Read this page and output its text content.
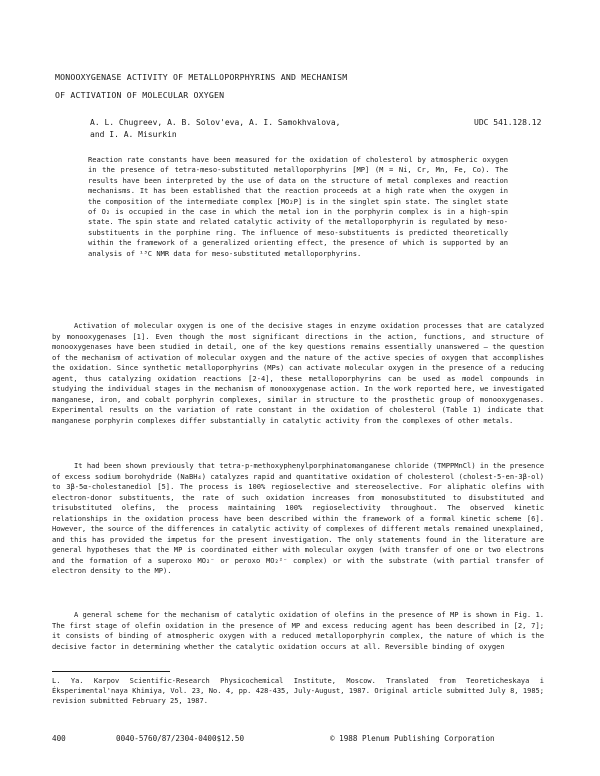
MONOOXYGENASE ACTIVITY OF METALLOPORPHYRINS AND MECHANISM
OF ACTIVATION OF MOLECULAR OXYGEN
A. L. Chugreev, A. B. Solov'eva, A. I. Samokhvalova,
and I. A. Misurkin
UDC 541.128.12

Reaction rate constants have been measured for the oxidation of cholesterol by atmospheric oxygen in the presence of tetra-meso-substituted metalloporphyrins [MP] (M = Ni, Cr, Mn, Fe, Co). The results have been interpreted by the use of data on the structure of metal complexes and reaction mechanisms. It has been established that the reaction proceeds at a high rate when the oxygen in the composition of the intermediate complex [MO₂P] is in the singlet spin state. The singlet state of O₂ is occupied in the case in which the metal ion in the porphyrin complex is in a high-spin state. The spin state and related catalytic activity of the metalloporphyrin is regulated by meso-substituents in the porphine ring. The influence of meso-substituents is predicted theoretically within the framework of a generalized orienting effect, the presence of which is supported by an analysis of ¹³C NMR data for meso-substituted metalloporphyrins.

Activation of molecular oxygen is one of the decisive stages in enzyme oxidation processes that are catalyzed by monooxygenases [1]. Even though the most significant directions in the action, functions, and structure of monooxygenases have been studied in detail, one of the key questions remains essentially unanswered – the question of the mechanism of activation of molecular oxygen and the nature of the active species of oxygen that accomplishes the oxidation. Since synthetic metalloporphyrins (MPs) can activate molecular oxygen in the presence of a reducing agent, thus catalyzing oxidation reactions [2-4], these metalloporphyrins can be used as model compounds in studying the individual stages in the mechanism of monooxygenase action. In the work reported here, we investigated manganese, iron, and cobalt porphyrin complexes, similar in structure to the prosthetic group of monooxygenases. Experimental results on the variation of rate constant in the oxidation of cholesterol (Table 1) indicate that manganese porphyrin complexes differ substantially in catalytic activity from the complexes of other metals.

It had been shown previously that tetra-p-methoxyphenylporphinatomanganese chloride (TMPPMnCl) in the presence of excess sodium borohydride (NaBH₄) catalyzes rapid and quantitative oxidation of cholesterol (cholest-5-en-3β-ol) to 3β-5α-cholestanediol [5]. The process is 100% regioselective and stereoselective. For aliphatic olefins with electron-donor substituents, the rate of such oxidation increases from monosubstituted to disubstituted and trisubstituted olefins, the process maintaining 100% regioselectivity throughout. The observed kinetic relationships in the oxidation process have been described within the framework of a formal kinetic scheme [6]. However, the source of the differences in catalytic activity of complexes of different metals remained unexplained, and this has provided the impetus for the present investigation. The only statements found in the literature are general hypotheses that the MP is coordinated either with molecular oxygen (with transfer of one or two electrons and the formation of a superoxo MO₂⁻ or peroxo MO₂²⁻ complex) or with the substrate (with partial transfer of electron density to the MP).

A general scheme for the mechanism of catalytic oxidation of olefins in the presence of MP is shown in Fig. 1. The first stage of olefin oxidation in the presence of MP and excess reducing agent has been described in [2, 7]; it consists of binding of atmospheric oxygen with a reduced metalloporphyrin complex, the nature of which is the decisive factor in determining whether the catalytic oxidation occurs at all. Reversible binding of oxygen

L. Ya. Karpov Scientific-Research Physicochemical Institute, Moscow. Translated from Teoreticheskaya i Éksperimental'naya Khimiya, Vol. 23, No. 4, pp. 428-435, July-August, 1987. Original article submitted July 8, 1985; revision submitted February 25, 1987.

400	0040-5760/87/2304-0400$12.50	© 1988 Plenum Publishing Corporation
